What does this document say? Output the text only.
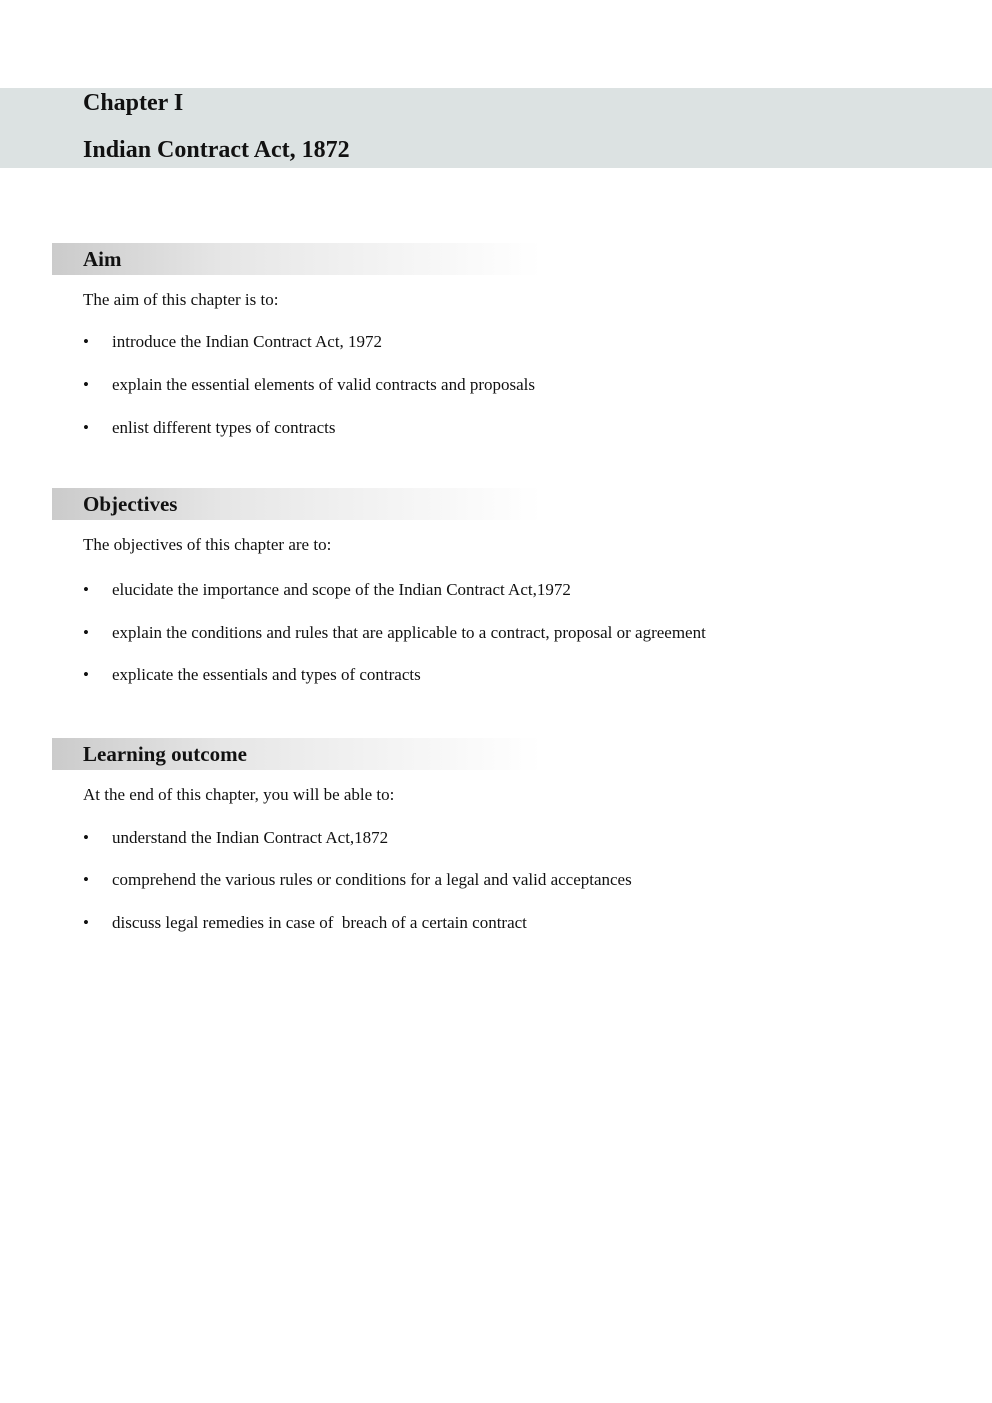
Chapter I
Indian Contract Act, 1872
Aim

The aim of this chapter is to:

• introduce the Indian Contract Act, 1972
• explain the essential elements of valid contracts and proposals
• enlist different types of contracts
Objectives

The objectives of this chapter are to:

• elucidate the importance and scope of the Indian Contract Act,1972
• explain the conditions and rules that are applicable to a contract, proposal or agreement
• explicate the essentials and types of contracts
Learning outcome

At the end of this chapter, you will be able to:

• understand the Indian Contract Act,1872
• comprehend the various rules or conditions for a legal and valid acceptances
• discuss legal remedies in case of  breach of a certain contract
